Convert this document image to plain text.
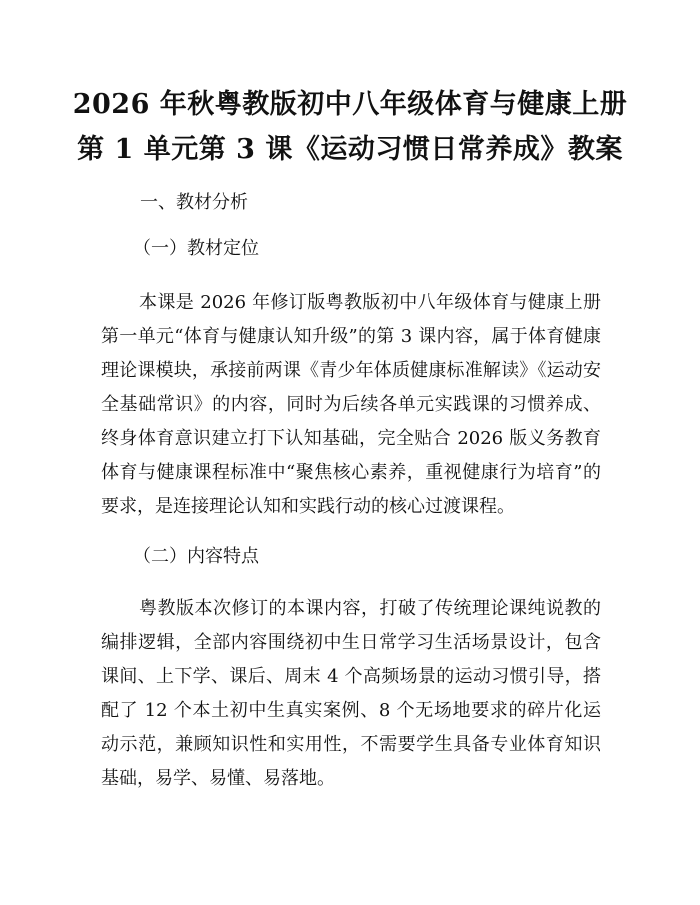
2026 年秋粤教版初中八年级体育与健康上册
第 1 单元第 3 课《运动习惯日常养成》教案
一、教材分析
（一）教材定位

本课是 2026 年修订版粤教版初中八年级体育与健康上册第一单元“体育与健康认知升级”的第 3 课内容，属于体育健康理论课模块，承接前两课《青少年体质健康标准解读》《运动安全基础常识》的内容，同时为后续各单元实践课的习惯养成、终身体育意识建立打下认知基础，完全贴合 2026 版义务教育体育与健康课程标准中“聚焦核心素养，重视健康行为培育”的要求，是连接理论认知和实践行动的核心过渡课程。

（二）内容特点

粤教版本次修订的本课内容，打破了传统理论课纯说教的编排逻辑，全部内容围绕初中生日常学习生活场景设计，包含课间、上下学、课后、周末 4 个高频场景的运动习惯引导，搭配了 12 个本土初中生真实案例、8 个无场地要求的碎片化运动示范，兼顾知识性和实用性，不需要学生具备专业体育知识基础，易学、易懂、易落地。
